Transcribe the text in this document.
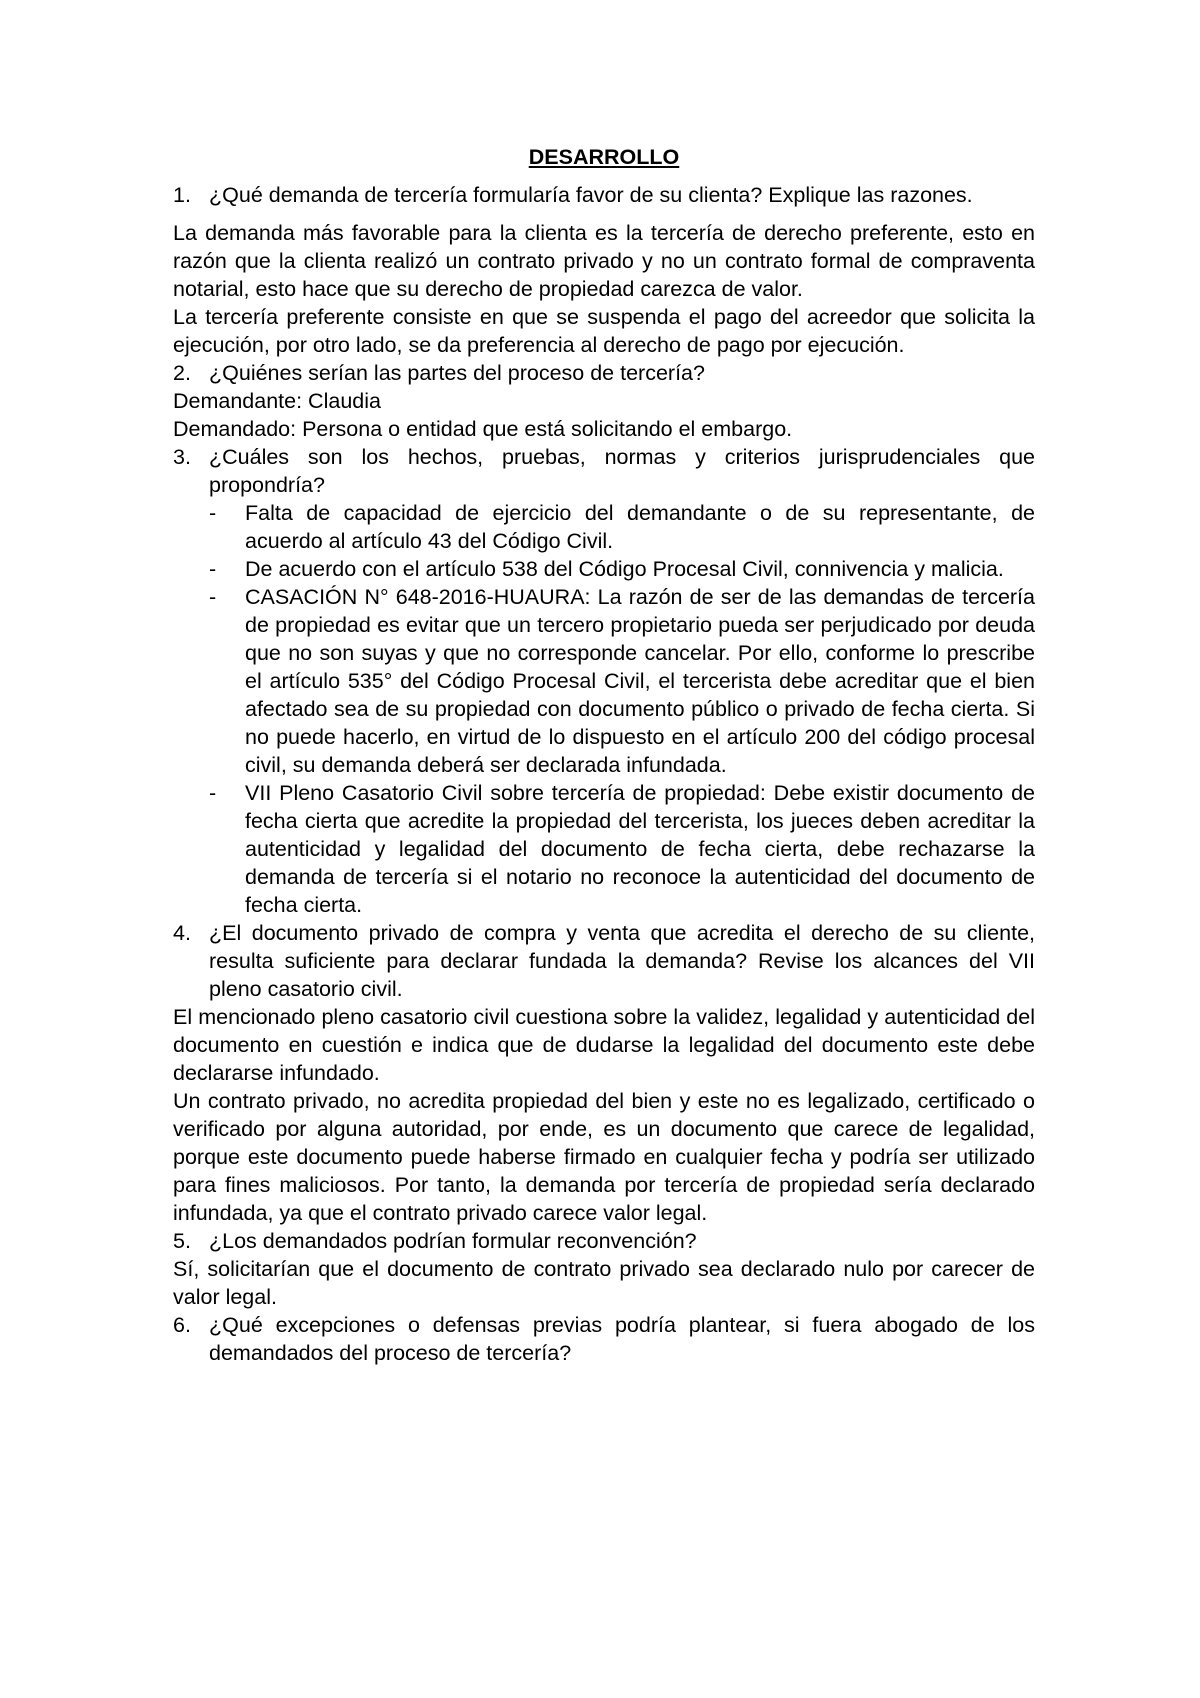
DESARROLLO

1. ¿Qué demanda de tercería formularía favor de su clienta? Explique las razones.

La demanda más favorable para la clienta es la tercería de derecho preferente, esto en razón que la clienta realizó un contrato privado y no un contrato formal de compraventa notarial, esto hace que su derecho de propiedad carezca de valor.

La tercería preferente consiste en que se suspenda el pago del acreedor que solicita la ejecución, por otro lado, se da preferencia al derecho de pago por ejecución.

2. ¿Quiénes serían las partes del proceso de tercería?

Demandante: Claudia

Demandado: Persona o entidad que está solicitando el embargo.

3. ¿Cuáles son los hechos, pruebas, normas y criterios jurisprudenciales que propondría?
- Falta de capacidad de ejercicio del demandante o de su representante, de acuerdo al artículo 43 del Código Civil.
- De acuerdo con el artículo 538 del Código Procesal Civil, connivencia y malicia.
- CASACIÓN N° 648-2016-HUAURA: La razón de ser de las demandas de tercería de propiedad es evitar que un tercero propietario pueda ser perjudicado por deuda que no son suyas y que no corresponde cancelar. Por ello, conforme lo prescribe el artículo 535° del Código Procesal Civil, el tercerista debe acreditar que el bien afectado sea de su propiedad con documento público o privado de fecha cierta. Si no puede hacerlo, en virtud de lo dispuesto en el artículo 200 del código procesal civil, su demanda deberá ser declarada infundada.
- VII Pleno Casatorio Civil sobre tercería de propiedad: Debe existir documento de fecha cierta que acredite la propiedad del tercerista, los jueces deben acreditar la autenticidad y legalidad del documento de fecha cierta, debe rechazarse la demanda de tercería si el notario no reconoce la autenticidad del documento de fecha cierta.
4. ¿El documento privado de compra y venta que acredita el derecho de su cliente, resulta suficiente para declarar fundada la demanda? Revise los alcances del VII pleno casatorio civil.

El mencionado pleno casatorio civil cuestiona sobre la validez, legalidad y autenticidad del documento en cuestión e indica que de dudarse la legalidad del documento este debe declararse infundado.

Un contrato privado, no acredita propiedad del bien y este no es legalizado, certificado o verificado por alguna autoridad, por ende, es un documento que carece de legalidad, porque este documento puede haberse firmado en cualquier fecha y podría ser utilizado para fines maliciosos. Por tanto, la demanda por tercería de propiedad sería declarado infundada, ya que el contrato privado carece valor legal.

5. ¿Los demandados podrían formular reconvención?

Sí, solicitarían que el documento de contrato privado sea declarado nulo por carecer de valor legal.

6. ¿Qué excepciones o defensas previas podría plantear, si fuera abogado de los demandados del proceso de tercería?
